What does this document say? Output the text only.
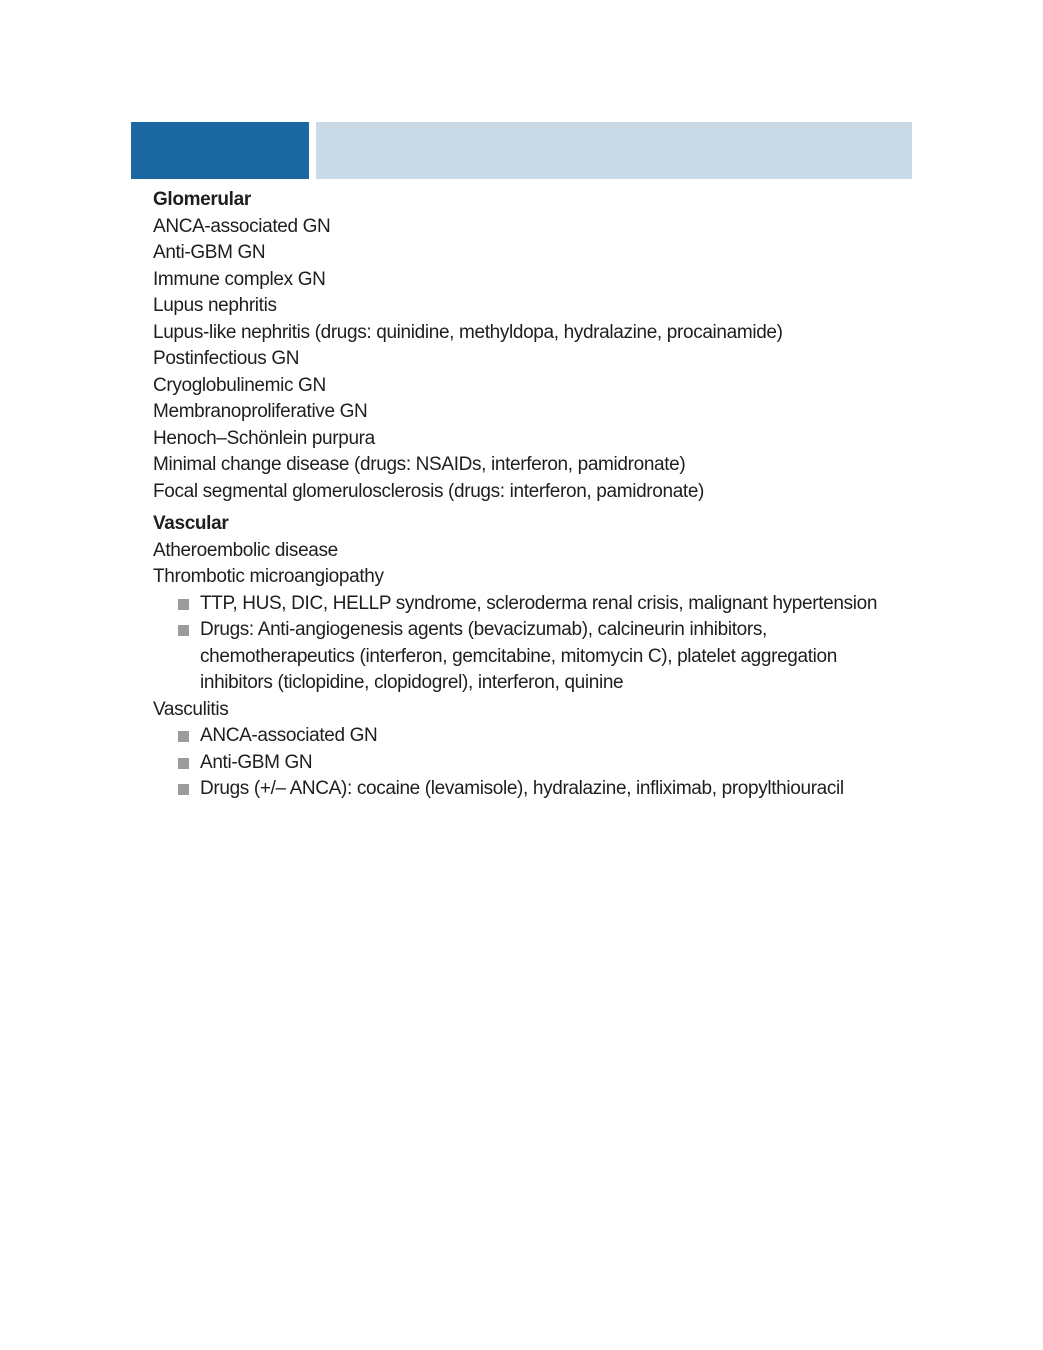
Glomerular

ANCA-associated GN

Anti-GBM GN

Immune complex GN

Lupus nephritis

Lupus-like nephritis (drugs: quinidine, methyldopa, hydralazine, procainamide)

Postinfectious GN

Cryoglobulinemic GN

Membranoproliferative GN

Henoch–Schönlein purpura

Minimal change disease (drugs: NSAIDs, interferon, pamidronate)

Focal segmental glomerulosclerosis (drugs: interferon, pamidronate)

Vascular

Atheroembolic disease

Thrombotic microangiopathy

TTP, HUS, DIC, HELLP syndrome, scleroderma renal crisis, malignant hypertension
Drugs: Anti-angiogenesis agents (bevacizumab), calcineurin inhibitors, chemotherapeutics (interferon, gemcitabine, mitomycin C), platelet aggregation inhibitors (ticlopidine, clopidogrel), interferon, quinine

Vasculitis

ANCA-associated GN
Anti-GBM GN
Drugs (+/– ANCA): cocaine (levamisole), hydralazine, infliximab, propylthiouracil
